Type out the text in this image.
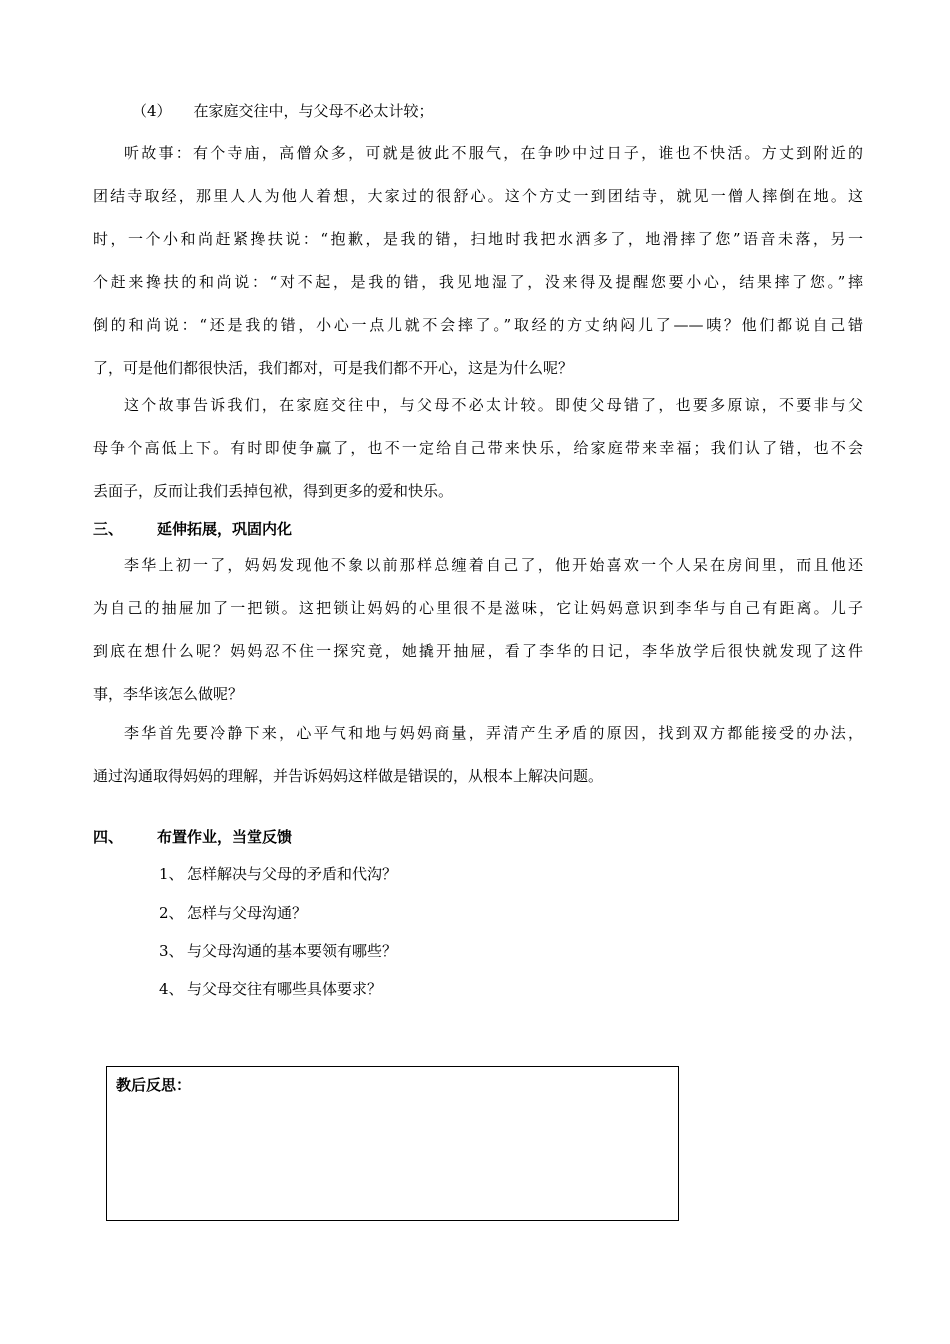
（4） 在家庭交往中，与父母不必太计较；
听故事：有个寺庙，高僧众多，可就是彼此不服气，在争吵中过日子，谁也不快活。方丈到附近的
团结寺取经，那里人人为他人着想，大家过的很舒心。这个方丈一到团结寺，就见一僧人摔倒在地。这
时，一个小和尚赶紧搀扶说：“抱歉，是我的错，扫地时我把水洒多了，地滑摔了您”语音未落，另一
个赶来搀扶的和尚说：“对不起，是我的错，我见地湿了，没来得及提醒您要小心，结果摔了您。”摔
倒的和尚说：“还是我的错，小心一点儿就不会摔了。”取经的方丈纳闷儿了——咦？他们都说自己错
了，可是他们都很快活，我们都对，可是我们都不开心，这是为什么呢？
这个故事告诉我们，在家庭交往中，与父母不必太计较。即使父母错了，也要多原谅，不要非与父
母争个高低上下。有时即使争赢了，也不一定给自己带来快乐，给家庭带来幸福；我们认了错，也不会
丢面子，反而让我们丢掉包袱，得到更多的爱和快乐。
三、 延伸拓展，巩固内化
李华上初一了，妈妈发现他不象以前那样总缠着自己了，他开始喜欢一个人呆在房间里，而且他还
为自己的抽屉加了一把锁。这把锁让妈妈的心里很不是滋味，它让妈妈意识到李华与自己有距离。儿子
到底在想什么呢？妈妈忍不住一探究竟，她撬开抽屉，看了李华的日记，李华放学后很快就发现了这件
事，李华该怎么做呢？
李华首先要冷静下来，心平气和地与妈妈商量，弄清产生矛盾的原因，找到双方都能接受的办法，
通过沟通取得妈妈的理解，并告诉妈妈这样做是错误的，从根本上解决问题。
四、 布置作业，当堂反馈
1、 怎样解决与父母的矛盾和代沟？
2、 怎样与父母沟通？
3、 与父母沟通的基本要领有哪些？
4、 与父母交往有哪些具体要求？
教后反思：
